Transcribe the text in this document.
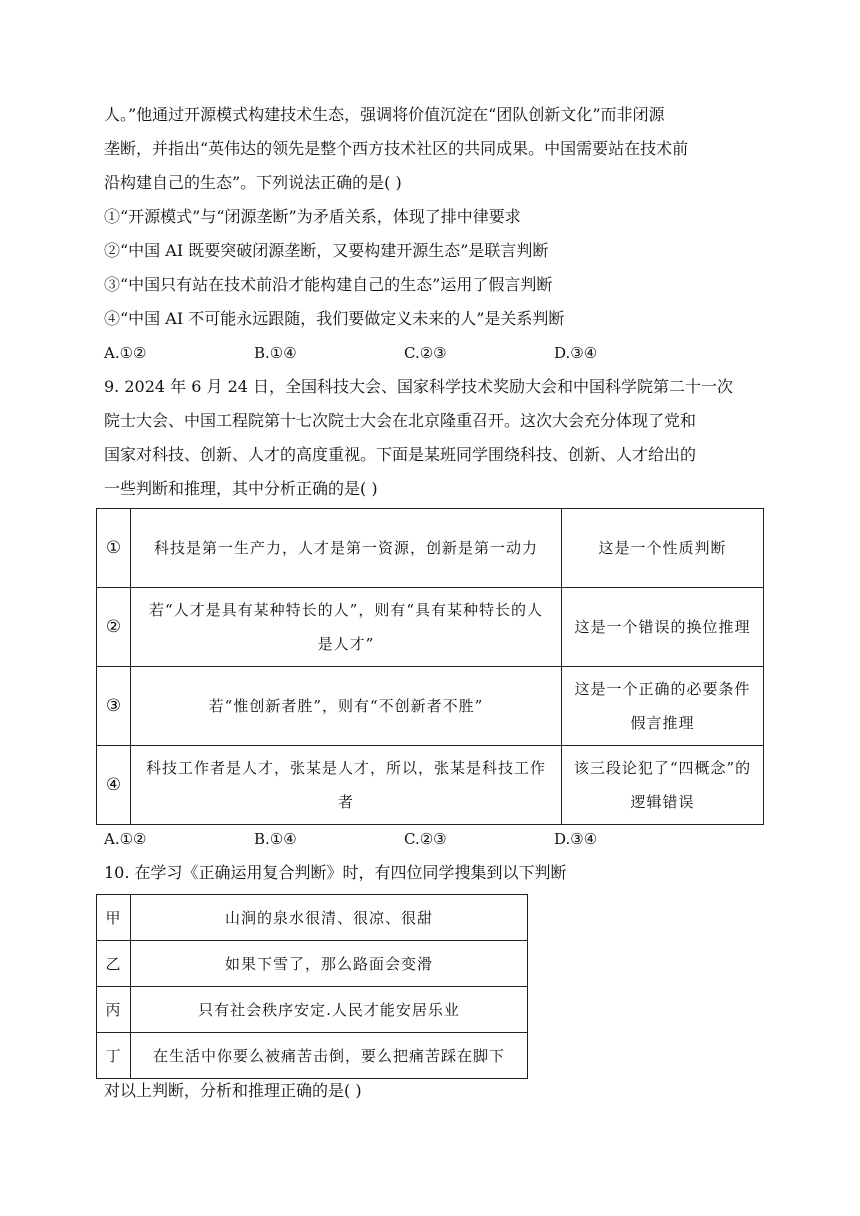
人。”他通过开源模式构建技术生态，强调将价值沉淀在“团队创新文化”而非闭源
垄断，并指出“英伟达的领先是整个西方技术社区的共同成果。中国需要站在技术前
沿构建自己的生态”。下列说法正确的是( )
①“开源模式”与“闭源垄断”为矛盾关系，体现了排中律要求
②“中国 AI 既要突破闭源垄断，又要构建开源生态”是联言判断
③“中国只有站在技术前沿才能构建自己的生态”运用了假言判断
④“中国 AI 不可能永远跟随，我们要做定义未来的人”是关系判断
A.①②	B.①④	C.②③	D.③④
9. 2024 年 6 月 24 日，全国科技大会、国家科学技术奖励大会和中国科学院第二十一次
院士大会、中国工程院第十七次院士大会在北京隆重召开。这次大会充分体现了党和
国家对科技、创新、人才的高度重视。下面是某班同学围绕科技、创新、人才给出的
一些判断和推理，其中分析正确的是( )
①	科技是第一生产力，人才是第一资源，创新是第一动力	这是一个性质判断
②	若“人才是具有某种特长的人”，则有“具有某种特长的人是人才”	这是一个错误的换位推理
③	若“惟创新者胜”，则有“不创新者不胜”	这是一个正确的必要条件假言推理
④	科技工作者是人才，张某是人才，所以，张某是科技工作者	该三段论犯了“四概念”的逻辑错误
A.①②	B.①④	C.②③	D.③④
10. 在学习《正确运用复合判断》时，有四位同学搜集到以下判断
甲	山涧的泉水很清、很凉、很甜
乙	如果下雪了，那么路面会变滑
丙	只有社会秩序安定.人民才能安居乐业
丁	在生活中你要么被痛苦击倒，要么把痛苦踩在脚下
对以上判断，分析和推理正确的是( )
